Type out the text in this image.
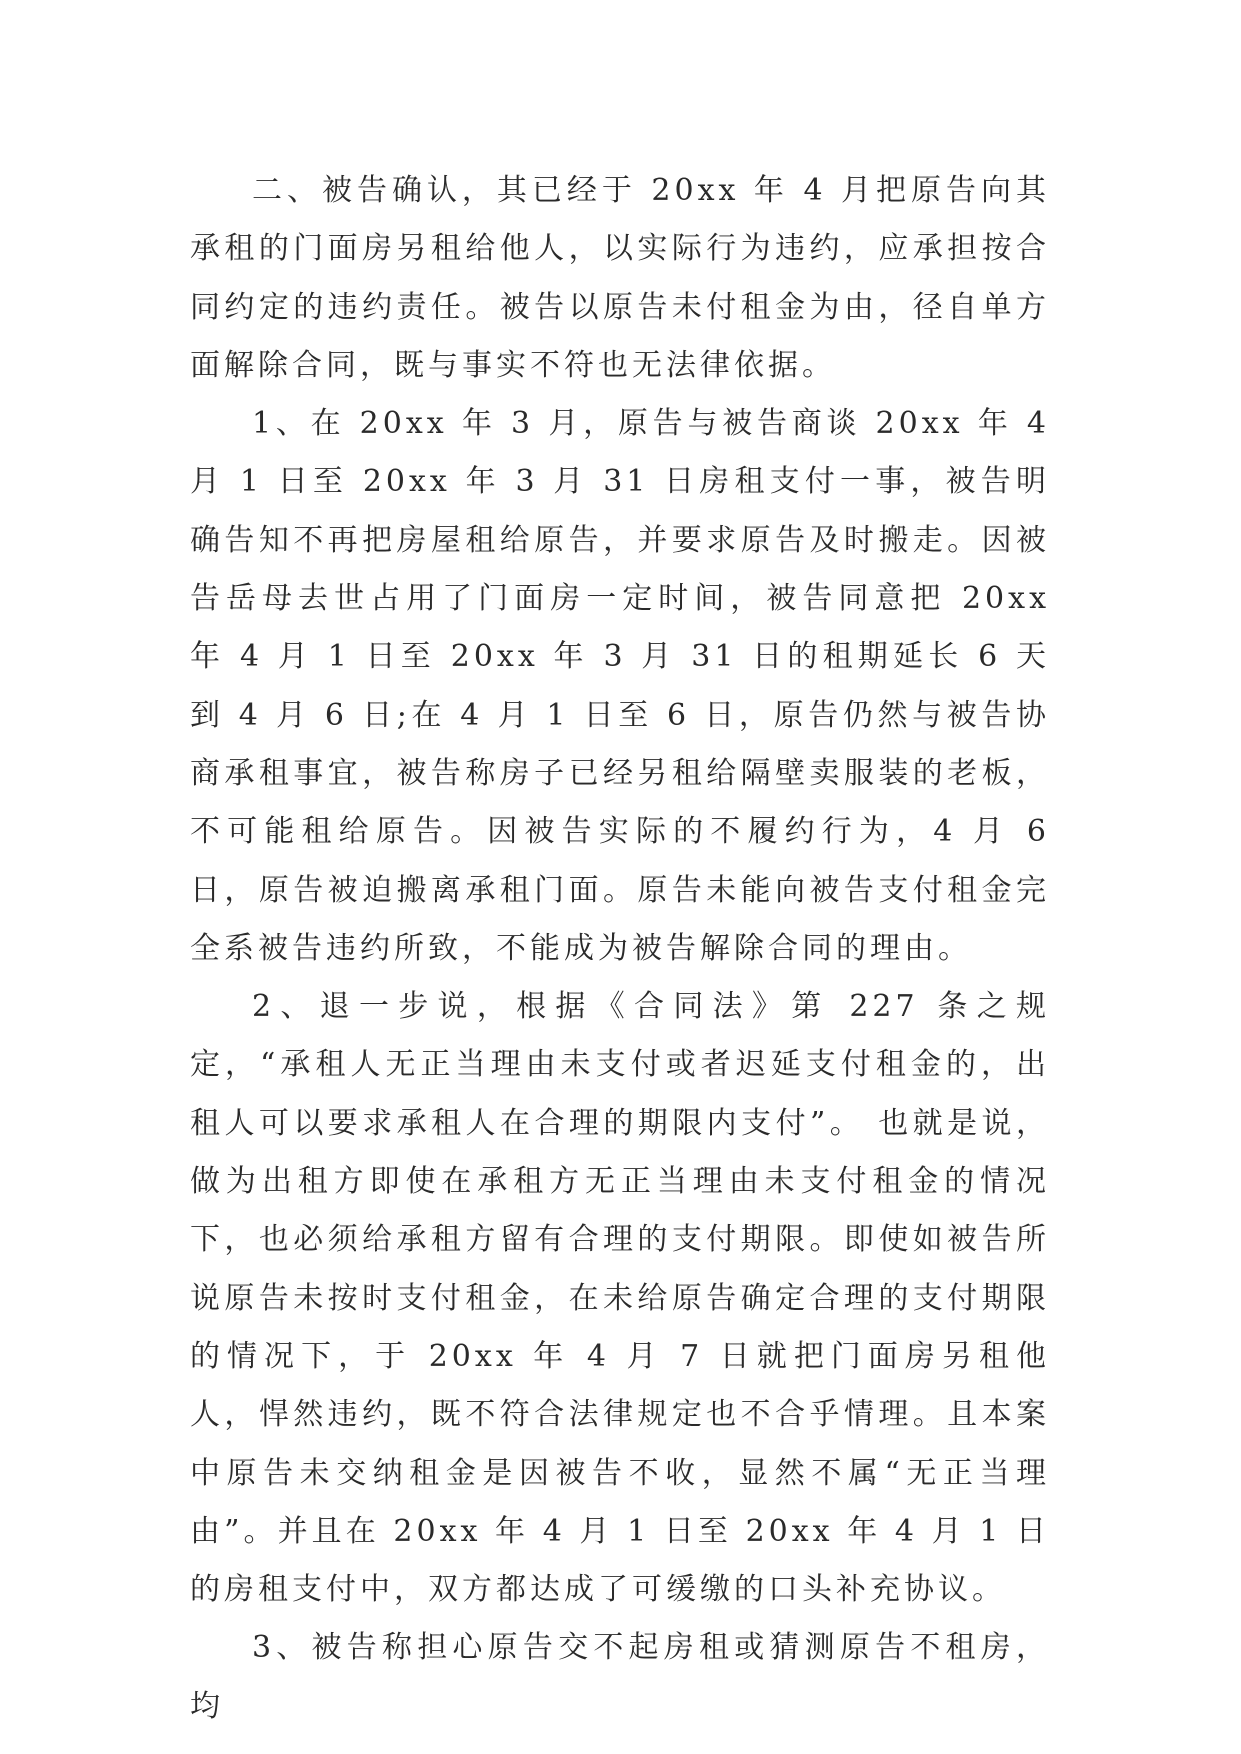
二、被告确认，其已经于 20xx 年 4 月把原告向其承租的门面房另租给他人，以实际行为违约，应承担按合同约定的违约责任。被告以原告未付租金为由，径自单方面解除合同，既与事实不符也无法律依据。

1、在 20xx 年 3 月，原告与被告商谈 20xx 年 4 月 1 日至 20xx 年 3 月 31 日房租支付一事，被告明确告知不再把房屋租给原告，并要求原告及时搬走。因被告岳母去世占用了门面房一定时间，被告同意把 20xx 年 4 月 1 日至 20xx 年 3 月 31 日的租期延长 6 天到 4 月 6 日;在 4 月 1 日至 6 日，原告仍然与被告协商承租事宜，被告称房子已经另租给隔壁卖服装的老板，不可能租给原告。因被告实际的不履约行为，4 月 6 日，原告被迫搬离承租门面。原告未能向被告支付租金完全系被告违约所致，不能成为被告解除合同的理由。

2、退一步说，根据《合同法》第 227 条之规定，“承租人无正当理由未支付或者迟延支付租金的，出租人可以要求承租人在合理的期限内支付”。 也就是说，做为出租方即使在承租方无正当理由未支付租金的情况下，也必须给承租方留有合理的支付期限。即使如被告所说原告未按时支付租金，在未给原告确定合理的支付期限的情况下，于 20xx 年 4 月 7 日就把门面房另租他人，悍然违约，既不符合法律规定也不合乎情理。且本案中原告未交纳租金是因被告不收，显然不属“无正当理由”。并且在 20xx 年 4 月 1 日至 20xx 年 4 月 1 日的房租支付中，双方都达成了可缓缴的口头补充协议。

3、被告称担心原告交不起房租或猜测原告不租房，均
